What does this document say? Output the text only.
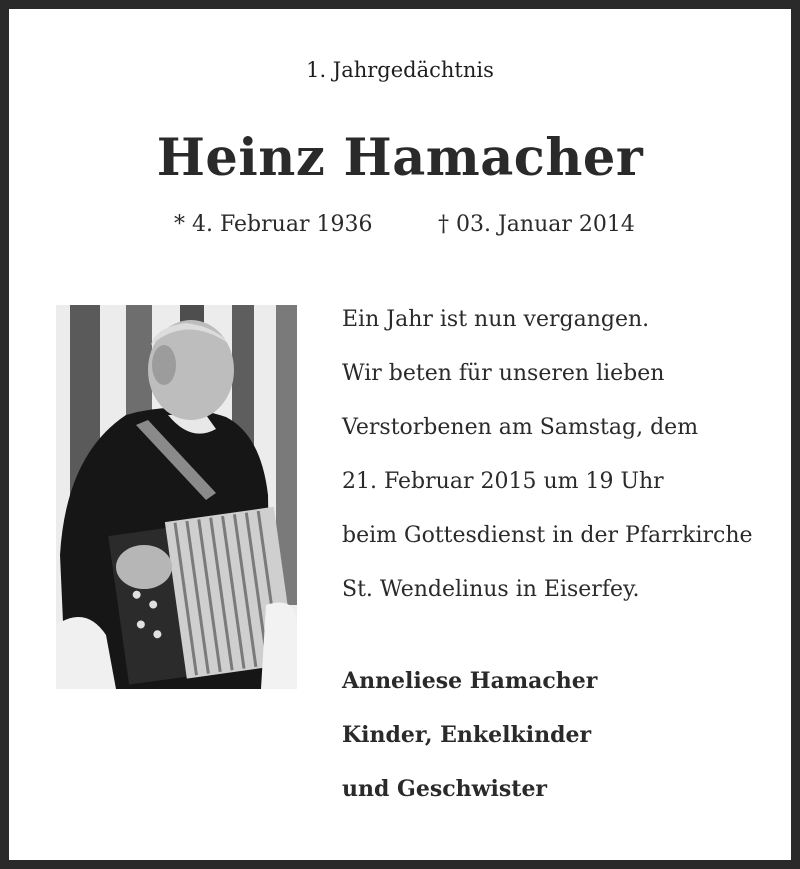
1. Jahrgedächtnis
Heinz Hamacher
* 4. Februar 1936	† 03. Januar 2014
Ein Jahr ist nun vergangen.
Wir beten für unseren lieben
Verstorbenen am Samstag, dem
21. Februar 2015 um 19 Uhr
beim Gottesdienst in der Pfarrkirche
St. Wendelinus in Eiserfey.
Anneliese Hamacher
Kinder, Enkelkinder
und Geschwister
